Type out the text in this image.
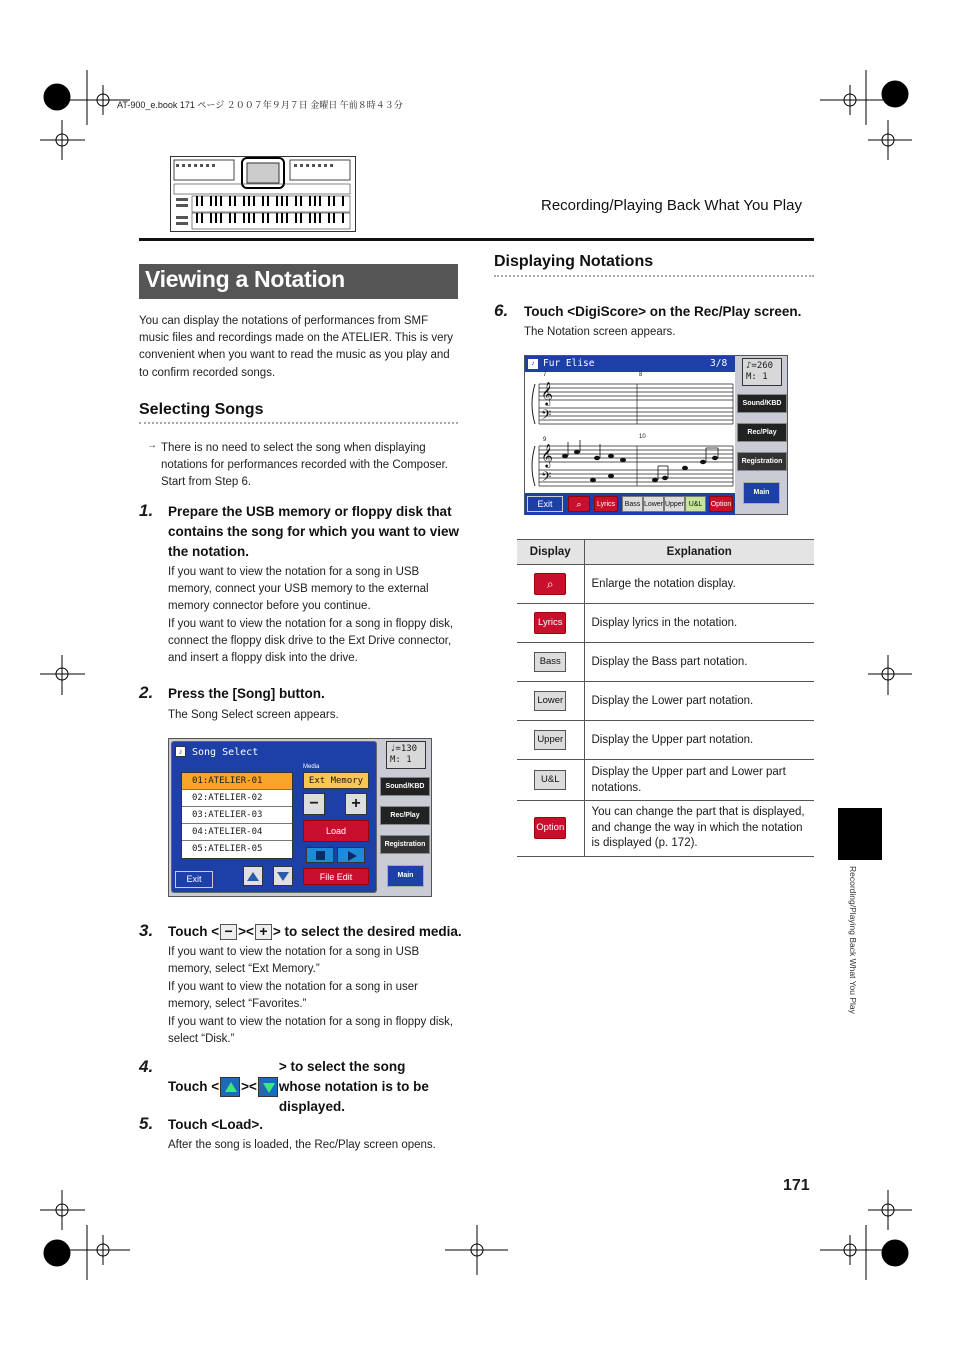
AT-900_e.book 171 ページ ２００７年９月７日 金曜日 午前８時４３分
Recording/Playing Back What You Play
Recording/Playing Back What You Play
Viewing a Notation
You can display the notations of performances from SMF music files and recordings made on the ATELIER. This is very convenient when you want to read the music as you play and to confirm recorded songs.
Selecting Songs
→ There is no need to select the song when displaying notations for performances recorded with the Composer. Start from Step 6.
1. Prepare the USB memory or floppy disk that contains the song for which you want to view the notation.
If you want to view the notation for a song in USB memory, connect your USB memory to the external memory connector before you continue.
If you want to view the notation for a song in floppy disk, connect the floppy disk drive to the Ext Drive connector, and insert a floppy disk into the drive.
2. Press the [Song] button.
The Song Select screen appears.
♪ Song Select
01:ATELIER-01
02:ATELIER-02
03:ATELIER-03
04:ATELIER-04
05:ATELIER-05
Media
Ext Memory
−	+
Load
Exit	File Edit
♩=130
M: 1
Sound/KBD
Rec/Play
Registration
Main
3. Touch < − >< + > to select the desired media.
If you want to view the notation for a song in USB memory, select “Ext Memory.”
If you want to view the notation for a song in user memory, select “Favorites.”
If you want to view the notation for a song in floppy disk, select “Disk.”
4.
Touch < ><
> to select the song whose notation is to be displayed.
5. Touch <Load>.
After the song is loaded, the Rec/Play screen opens.
Displaying Notations
6. Touch <DigiScore> on the Rec/Play screen.
The Notation screen appears.
♪ Fur Elise	3/8
𝄞
𝄢
𝄞
𝄢
7	8
9	10
Exit	⌕	Lyrics	Bass Lower Upper U&L	Option
♪=260
M: 1
Sound/KBD
Rec/Play
Registration
Main
Display	Explanation
⌕	Enlarge the notation display.
Lyrics	Display lyrics in the notation.
Bass	Display the Bass part notation.
Lower	Display the Lower part notation.
Upper	Display the Upper part notation.
U&L	Display the Upper part and Lower part notations.
Option	You can change the part that is displayed, and change the way in which the notation is displayed (p. 172).
171
